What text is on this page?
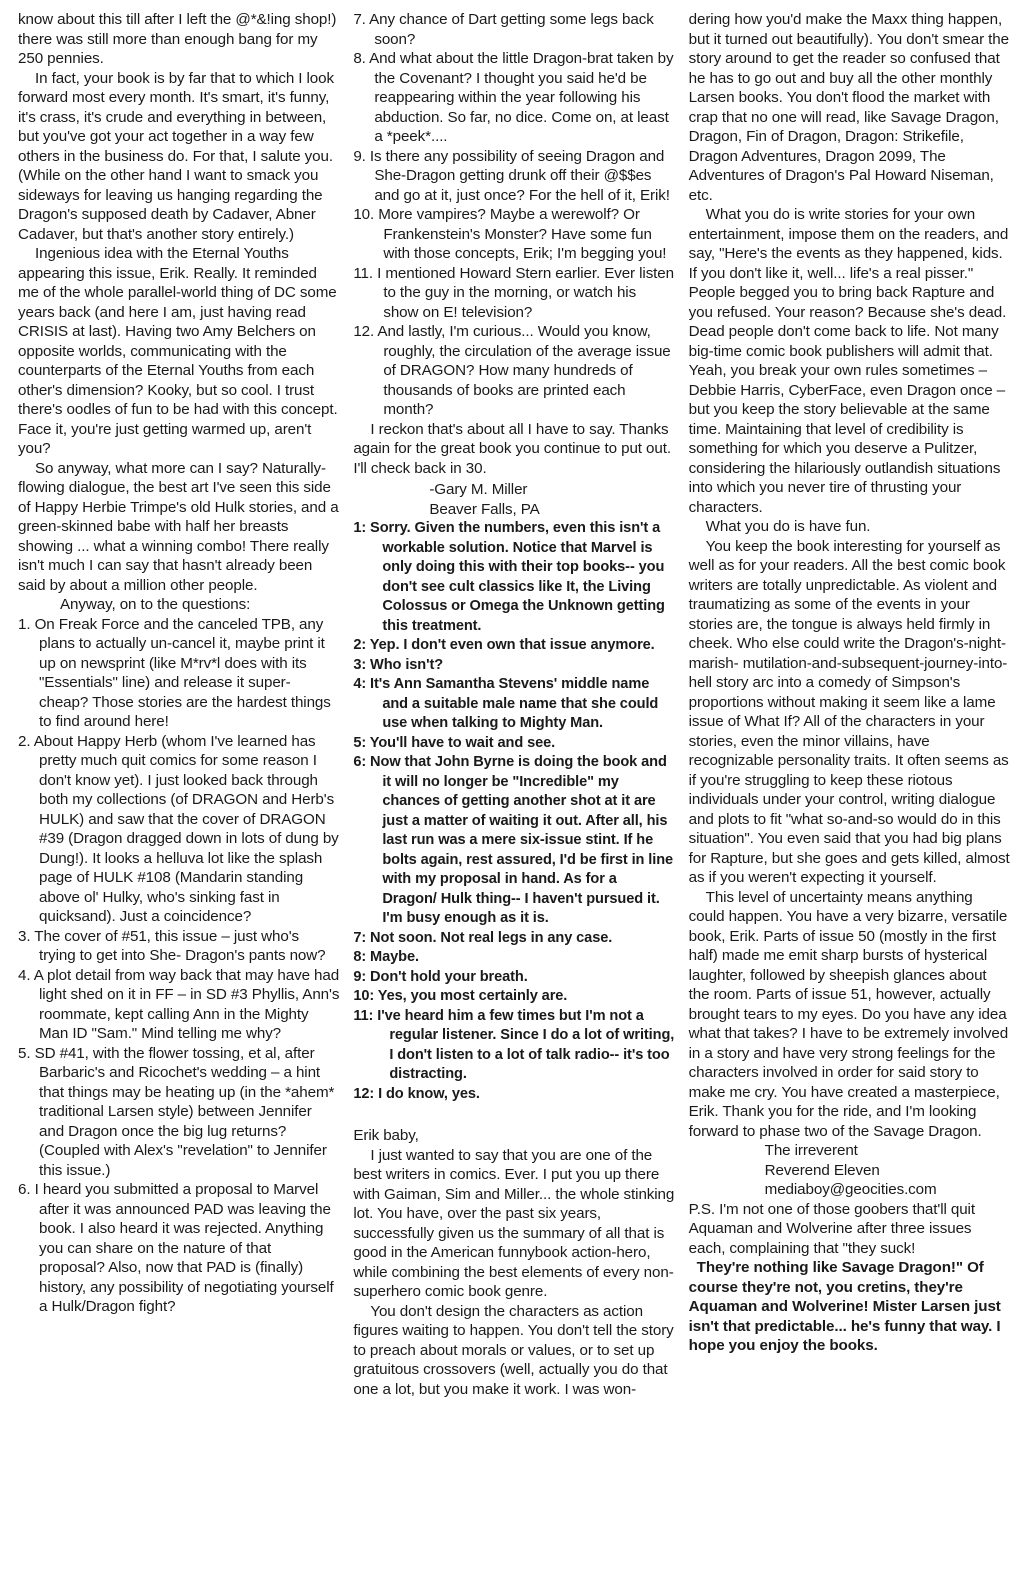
know about this till after I left the @*&!ing shop!) there was still more than enough bang for my 250 pennies.

In fact, your book is by far that to which I look forward most every month. It's smart, it's funny, it's crass, it's crude and everything in between, but you've got your act together in a way few others in the business do. For that, I salute you. (While on the other hand I want to smack you sideways for leaving us hanging regarding the Dragon's supposed death by Cadaver, Abner Cadaver, but that's another story entirely.)

Ingenious idea with the Eternal Youths appearing this issue, Erik. Really. It reminded me of the whole parallel-world thing of DC some years back (and here I am, just having read CRISIS at last). Having two Amy Belchers on opposite worlds, communicating with the counterparts of the Eternal Youths from each other's dimension? Kooky, but so cool. I trust there's oodles of fun to be had with this concept. Face it, you're just getting warmed up, aren't you?

So anyway, what more can I say? Naturally-flowing dialogue, the best art I've seen this side of Happy Herbie Trimpe's old Hulk stories, and a green-skinned babe with half her breasts showing ... what a winning combo! There really isn't much I can say that hasn't already been said by about a million other people.

Anyway, on to the questions:

1. On Freak Force and the canceled TPB, any plans to actually un-cancel it, maybe print it up on newsprint (like M*rv*l does with its "Essentials" line) and release it super-cheap? Those stories are the hardest things to find around here!

2. About Happy Herb (whom I've learned has pretty much quit comics for some reason I don't know yet). I just looked back through both my collections (of DRAGON and Herb's HULK) and saw that the cover of DRAGON #39 (Dragon dragged down in lots of dung by Dung!). It looks a helluva lot like the splash page of HULK #108 (Mandarin standing above ol' Hulky, who's sinking fast in quicksand). Just a coincidence?

3. The cover of #51, this issue – just who's trying to get into She- Dragon's pants now?

4. A plot detail from way back that may have had light shed on it in FF – in SD #3 Phyllis, Ann's roommate, kept calling Ann in the Mighty Man ID "Sam." Mind telling me why?

5. SD #41, with the flower tossing, et al, after Barbaric's and Ricochet's wedding – a hint that things may be heating up (in the *ahem* traditional Larsen style) between Jennifer and Dragon once the big lug returns? (Coupled with Alex's "revelation" to Jennifer this issue.)

6. I heard you submitted a proposal to Marvel after it was announced PAD was leaving the book. I also heard it was rejected. Anything you can share on the nature of that proposal? Also, now that PAD is (finally) history, any possibility of negotiating yourself a Hulk/Dragon fight?

7. Any chance of Dart getting some legs back soon?

8. And what about the little Dragon-brat taken by the Covenant? I thought you said he'd be reappearing within the year following his abduction. So far, no dice. Come on, at least a *peek*....

9. Is there any possibility of seeing Dragon and She-Dragon getting drunk off their @$$es and go at it, just once? For the hell of it, Erik!

10. More vampires? Maybe a werewolf? Or Frankenstein's Monster? Have some fun with those concepts, Erik; I'm begging you!

11. I mentioned Howard Stern earlier. Ever listen to the guy in the morning, or watch his show on E! television?

12. And lastly, I'm curious... Would you know, roughly, the circulation of the average issue of DRAGON? How many hundreds of thousands of books are printed each month?

I reckon that's about all I have to say. Thanks again for the great book you continue to put out. I'll check back in 30.

-Gary M. Miller

Beaver Falls, PA

1: Sorry. Given the numbers, even this isn't a workable solution. Notice that Marvel is only doing this with their top books-- you don't see cult classics like It, the Living Colossus or Omega the Unknown getting this treatment.

2: Yep. I don't even own that issue anymore.

3: Who isn't?

4: It's Ann Samantha Stevens' middle name and a suitable male name that she could use when talking to Mighty Man.

5: You'll have to wait and see.

6: Now that John Byrne is doing the book and it will no longer be "Incredible" my chances of getting another shot at it are just a matter of waiting it out. After all, his last run was a mere six-issue stint. If he bolts again, rest assured, I'd be first in line with my proposal in hand. As for a Dragon/ Hulk thing-- I haven't pursued it. I'm busy enough as it is.

7: Not soon. Not real legs in any case.

8: Maybe.

9: Don't hold your breath.

10: Yes, you most certainly are.

11: I've heard him a few times but I'm not a regular listener. Since I do a lot of writing, I don't listen to a lot of talk radio-- it's too distracting.

12: I do know, yes.

Erik baby,

I just wanted to say that you are one of the best writers in comics. Ever. I put you up there with Gaiman, Sim and Miller... the whole stinking lot. You have, over the past six years, successfully given us the summary of all that is good in the American funnybook action-hero, while combining the best elements of every non-superhero comic book genre.

You don't design the characters as action figures waiting to happen. You don't tell the story to preach about morals or values, or to set up gratuitous crossovers (well, actually you do that one a lot, but you make it work. I was won-

dering how you'd make the Maxx thing happen, but it turned out beautifully). You don't smear the story around to get the reader so confused that he has to go out and buy all the other monthly Larsen books. You don't flood the market with crap that no one will read, like Savage Dragon, Dragon, Fin of Dragon, Dragon: Strikefile, Dragon Adventures, Dragon 2099, The Adventures of Dragon's Pal Howard Niseman, etc.

What you do is write stories for your own entertainment, impose them on the readers, and say, "Here's the events as they happened, kids. If you don't like it, well... life's a real pisser." People begged you to bring back Rapture and you refused. Your reason? Because she's dead. Dead people don't come back to life. Not many big-time comic book publishers will admit that. Yeah, you break your own rules sometimes – Debbie Harris, CyberFace, even Dragon once – but you keep the story believable at the same time. Maintaining that level of credibility is something for which you deserve a Pulitzer, considering the hilariously outlandish situations into which you never tire of thrusting your characters.

What you do is have fun.

You keep the book interesting for yourself as well as for your readers. All the best comic book writers are totally unpredictable. As violent and traumatizing as some of the events in your stories are, the tongue is always held firmly in cheek. Who else could write the Dragon's-night-marish- mutilation-and-subsequent-journey-into-hell story arc into a comedy of Simpson's proportions without making it seem like a lame issue of What If? All of the characters in your stories, even the minor villains, have recognizable personality traits. It often seems as if you're struggling to keep these riotous individuals under your control, writing dialogue and plots to fit "what so-and-so would do in this situation". You even said that you had big plans for Rapture, but she goes and gets killed, almost as if you weren't expecting it yourself.

This level of uncertainty means anything could happen. You have a very bizarre, versatile book, Erik. Parts of issue 50 (mostly in the first half) made me emit sharp bursts of hysterical laughter, followed by sheepish glances about the room. Parts of issue 51, however, actually brought tears to my eyes. Do you have any idea what that takes? I have to be extremely involved in a story and have very strong feelings for the characters involved in order for said story to make me cry. You have created a masterpiece, Erik. Thank you for the ride, and I'm looking forward to phase two of the Savage Dragon.

The irreverent

Reverend Eleven

mediaboy@geocities.com

P.S. I'm not one of those goobers that'll quit Aquaman and Wolverine after three issues each, complaining that "they suck!

They're nothing like Savage Dragon!" Of course they're not, you cretins, they're Aquaman and Wolverine! Mister Larsen just isn't that predictable... he's funny that way. I hope you enjoy the books.
